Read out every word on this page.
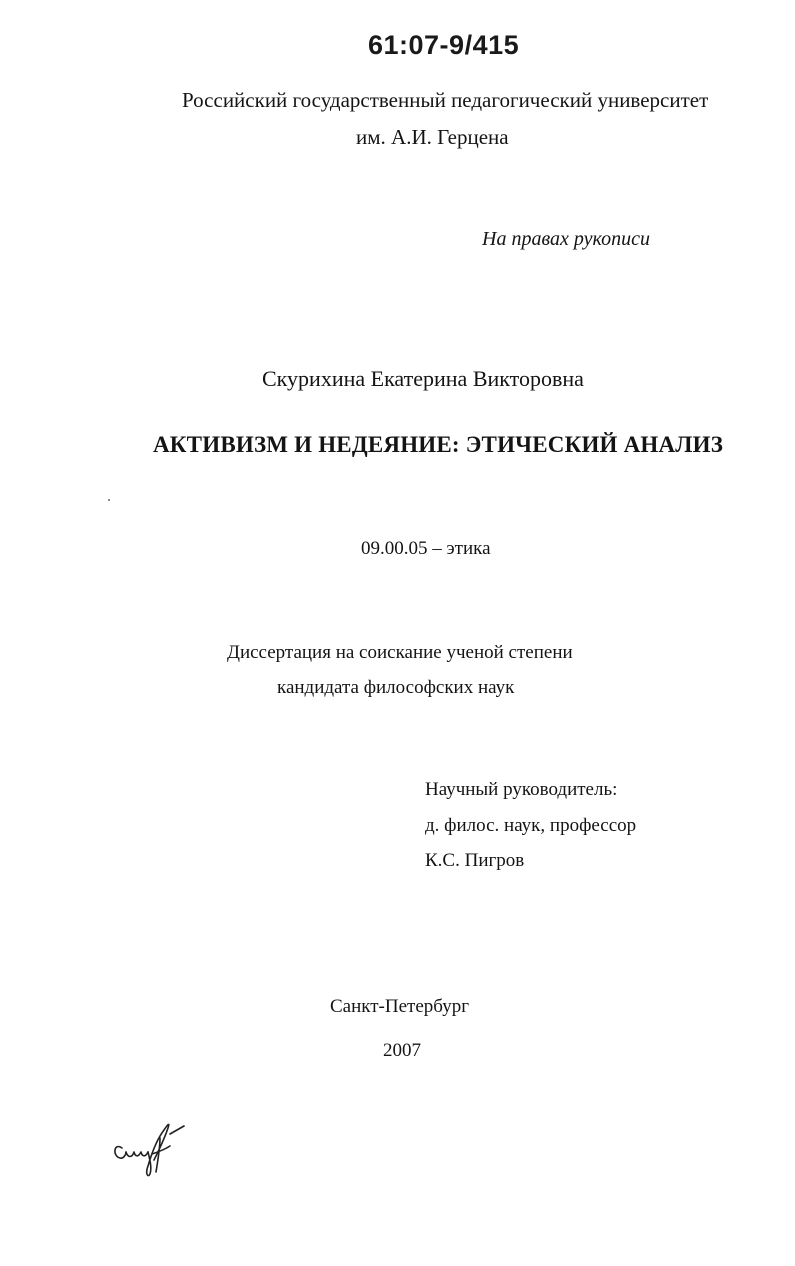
61:07-9/415
Российский государственный педагогический университет
им. А.И. Герцена
На правах рукописи
Скурихина Екатерина Викторовна
АКТИВИЗМ И НЕДЕЯНИЕ: ЭТИЧЕСКИЙ АНАЛИЗ
09.00.05 – этика
Диссертация на соискание ученой степени
кандидата философских наук
Научный руководитель:
д. филос. наук, профессор
К.С. Пигров
Санкт-Петербург
2007
